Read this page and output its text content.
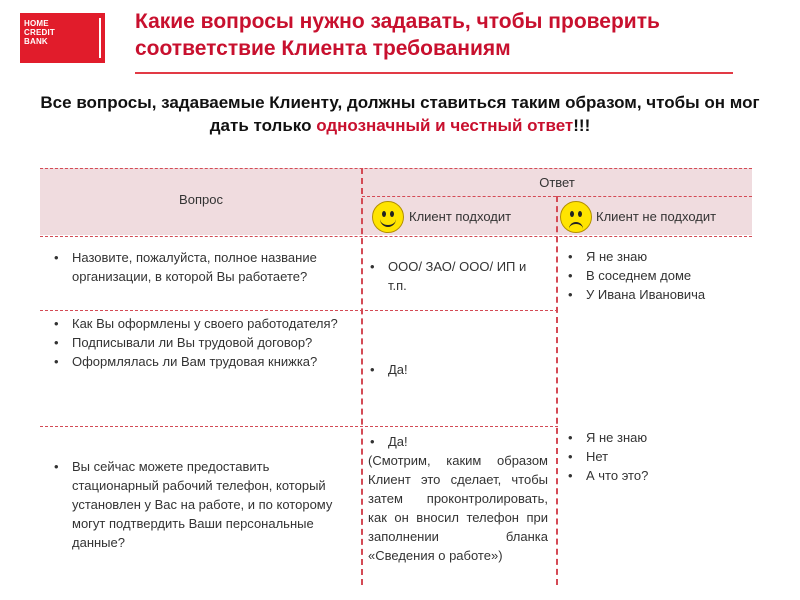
HOME
CREDIT
BANK
Какие вопросы нужно задавать, чтобы проверить соответствие Клиента требованиям
Все вопросы, задаваемые Клиенту, должны ставиться таким образом, чтобы он мог дать только однозначный и честный ответ!!!
Вопрос
Ответ
Клиент подходит	Клиент не подходит
• Назовите, пожалуйста, полное название организации, в которой Вы работаете?
• ООО/ ЗАО/ ООО/ ИП и т.п.
• Я не знаю
• В соседнем доме
• У Ивана Ивановича
• Как Вы оформлены у своего работодателя?
• Подписывали ли Вы трудовой договор?
• Оформлялась ли Вам трудовая книжка?
• Да!
• Вы сейчас можете предоставить стационарный рабочий телефон, который установлен у Вас на работе, и по которому могут подтвердить Ваши персональные данные?
• Да!
(Смотрим, каким образом Клиент это сделает, чтобы затем проконтролировать, как он вносил телефон при заполнении бланка «Сведения о работе»)
• Я не знаю
• Нет
• А что это?
